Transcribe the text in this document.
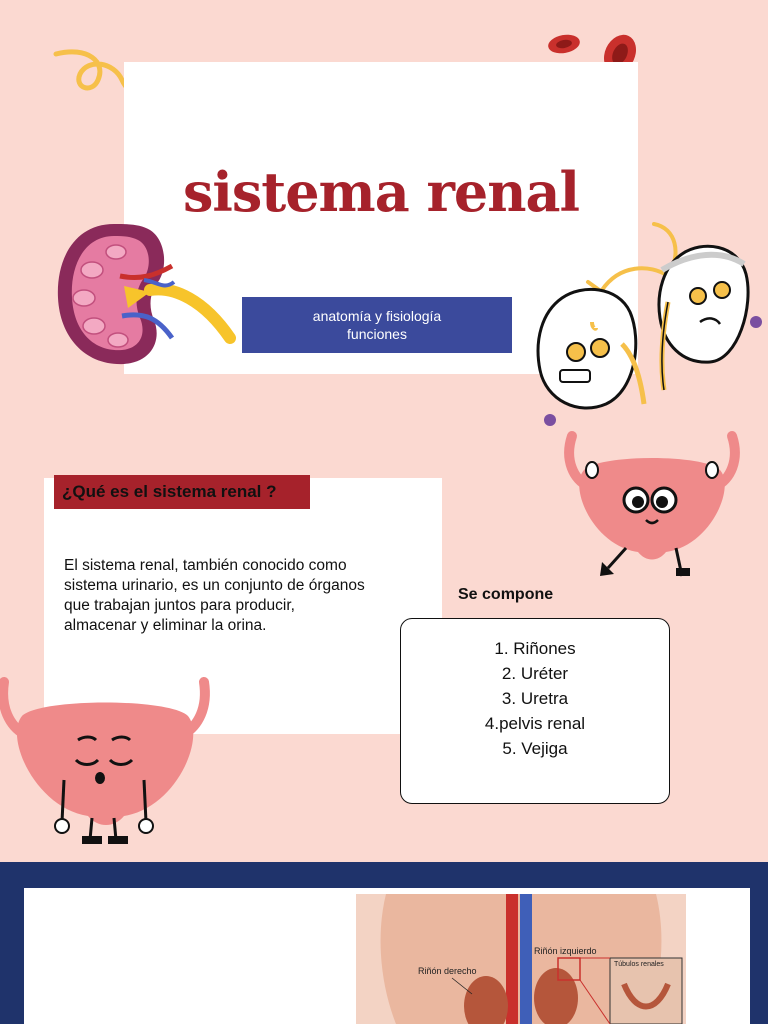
sistema renal
anatomía y fisiología
funciones
¿Qué es el sistema renal ?
El sistema renal, también conocido como
sistema urinario, es un conjunto de órganos
que trabajan juntos para producir,
almacenar y eliminar la orina.
Se compone
1. Riñones
2. Uréter
3. Uretra
4.pelvis renal
5. Vejiga
Riñón derecho
Riñón izquierdo
Túbulos renales
